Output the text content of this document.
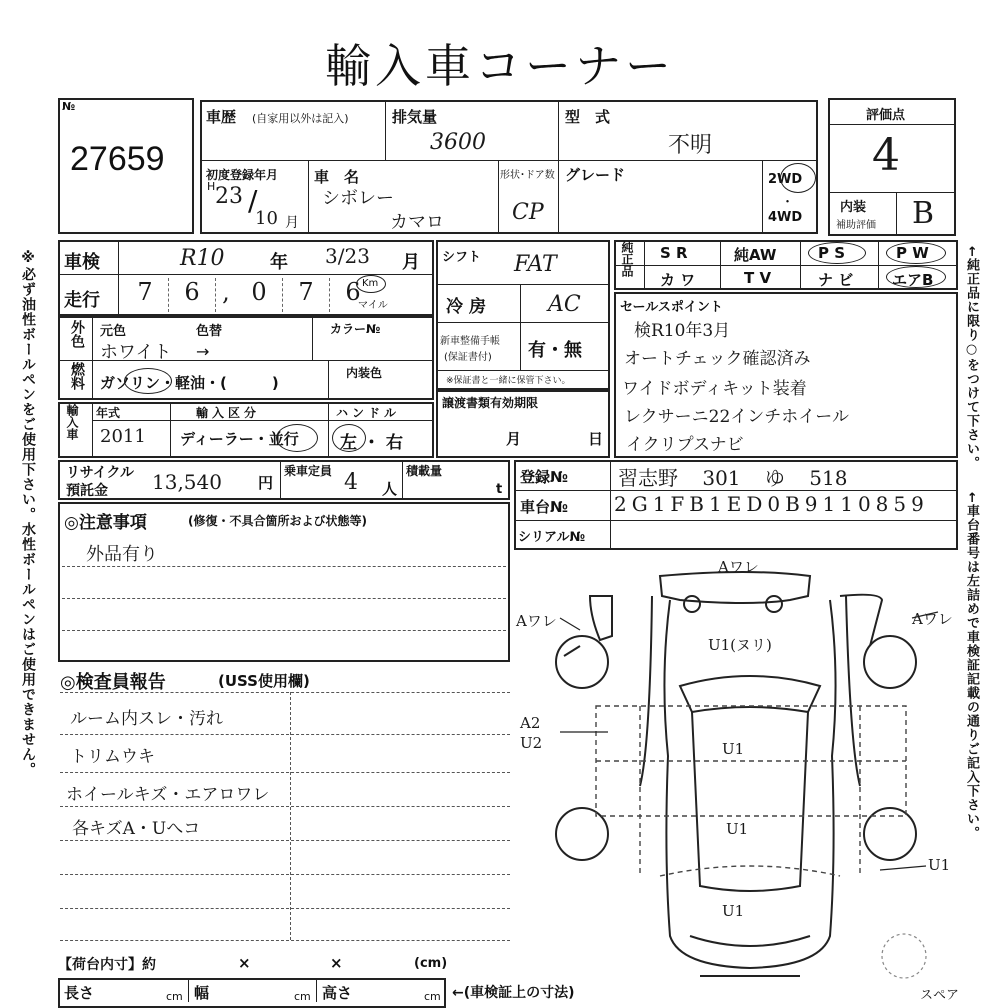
輸入車コーナー
№
27659
車歴 (自家用以外は記入)	排気量
3600
型　式
不明
初度登録年月
H 23 /
10 月
車　名
シボレー
カマロ
形状･ドア数
CP
グレード	2WD
・
4WD
評価点
4
内装
補助評価 B
※必ず油性ボールペンをご使用下さい。水性ボールペンはご使用できません。 車検	R10	年 3/23 月
走行	7	6 , 0	7	6 Km
マイル
シフト FAT
冷房	AC
新車整備手帳
(保証書付) 有・無
※保証書と一緒に保管下さい。
純正品 S R	純AW	P S	P W
カ ワ	T V	ナ ビ	エアB ←純正品に限り○をつけて下さい。
←車台番号は左詰めで車検証記載の通りご記入下さい。
外色 元色	色替
ホワイト →
カラー№
燃料 ガソリン・軽油・(　　　)
内装色
輸入車 年式
2011
輸入区分
ディーラー・並行
ハンドル
左・右
譲渡書類有効期限
月	日
セールスポイント
検R10年3月
オートチェック確認済み
ワイドボディキット装着
レクサーニ22インチホイール
イクリプスナビ
リサイクル
預託金 13,540 円
乗車定員 4 人
積載量
t
登録№ 習志野 301 ゆ 518
車台№ 2G1FB1ED0B9110859
シリアル№
◎注意事項	(修復・不具合箇所および状態等)
外品有り
◎検査員報告	(USS使用欄)
ルーム内スレ・汚れ
トリムウキ
ホイールキズ・エアロワレ
各キズA・Uへコ
【荷台内寸】約	×	×	(cm)
長さ	cm 幅	cm 高さ	cm ←(車検証上の寸法)	スペア
Aワレ
Aワレ	Aワレ
U1(ヌリ)
A2
U2	U1
U1
U1
U1
